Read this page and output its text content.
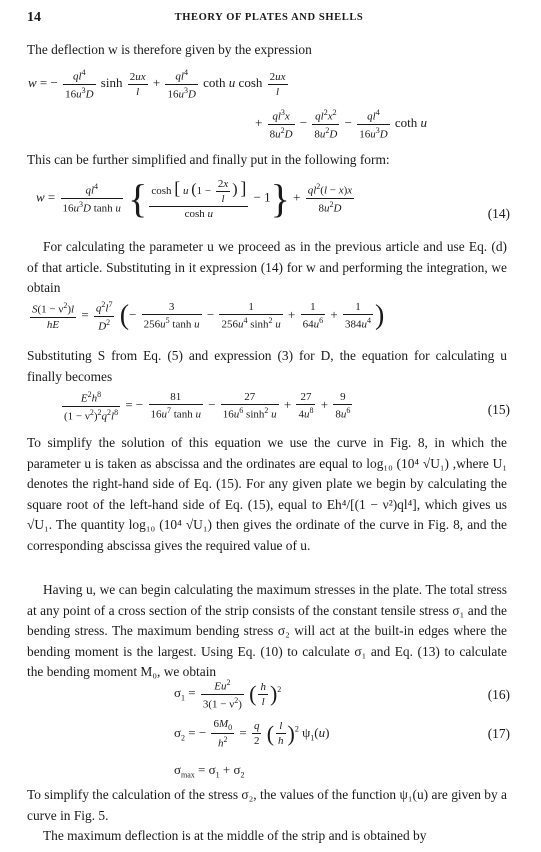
14	THEORY OF PLATES AND SHELLS
The deflection w is therefore given by the expression
w = − $\frac{ql^4}{16u^3D}$ $\sinh \frac{2ux}{l} + \frac{ql^4}{16u^3D}$ coth u $\cosh \frac{2ux}{l}$
+ $\frac{ql^3x}{8u^2D} - \frac{ql^2x^2}{8u^2D} - \frac{ql^4}{16u^3D}$ coth u
This can be further simplified and finally put in the following form:
$w = \frac{ql^4}{16u^3D \tanh u}$ { $\frac{\cosh [ u (1 - \frac{2x}{l} ) ]}{\text{cosh u}} - 1\} + \frac{ql^2(l - x)x}{8u^2D}$	(14)
For calculating the parameter u we proceed as in the previous article and use Eq. (d) of that article. Substituting in it expression (14) for w and performing the integration, we obtain
$\frac{S(1 - \nu^2)l}{hE} = \frac{q^2l^7}{D^2}$ (− $\frac{3}{256u^5 \tanh u} - \frac{1}{256u^4 \sinh^2 u} + \frac{1}{64u^6} + \frac{1}{384u^4}$ )
Substituting S from Eq. (5) and expression (3) for D, the equation for calculating u finally becomes
$\frac{E^2h^8}{(1 - \nu^2)^2q^2l^8}$ = − $\frac{81}{16u^7 \tanh u} - \frac{27}{16u^6 \sinh^2 u} + \frac{27}{4u^8} + \frac{9}{8u^6}$	(15)
To simplify the solution of this equation we use the curve in Fig. 8, in which the parameter u is taken as abscissa and the ordinates are equal to log₁₀ (10⁴ √U₁) ,where U₁ denotes the right-hand side of Eq. (15). For any given plate we begin by calculating the square root of the left-hand side of Eq. (15), equal to Eh⁴/[(1 − ν²)ql⁴], which gives us √U₁. The quantity log₁₀ (10⁴ √U₁) then gives the ordinate of the curve in Fig. 8, and the corresponding abscissa gives the required value of u.
Having u, we can begin calculating the maximum stresses in the plate. The total stress at any point of a cross section of the strip consists of the constant tensile stress σ₁ and the bending stress. The maximum bending stress σ₂ will act at the built-in edges where the bending moment is the largest. Using Eq. (10) to calculate σ₁ and Eq. (13) to calculate the bending moment M₀, we obtain
$\sigma_1 = \frac{Eu^2}{3(1 - \nu^2)}$ ( $\frac{h}{l} )^2$	(16)
$\sigma_2$ = − $\frac{6M_0}{h^2} = \frac{q}{2}$ ( $\frac{l}{h} )^2$ $\psi_1(u)$	(17)
$\sigma_{max} = \sigma_1 + \sigma_2$
To simplify the calculation of the stress σ₂, the values of the function ψ₁(u) are given by a curve in Fig. 5.
The maximum deflection is at the middle of the strip and is obtained by
